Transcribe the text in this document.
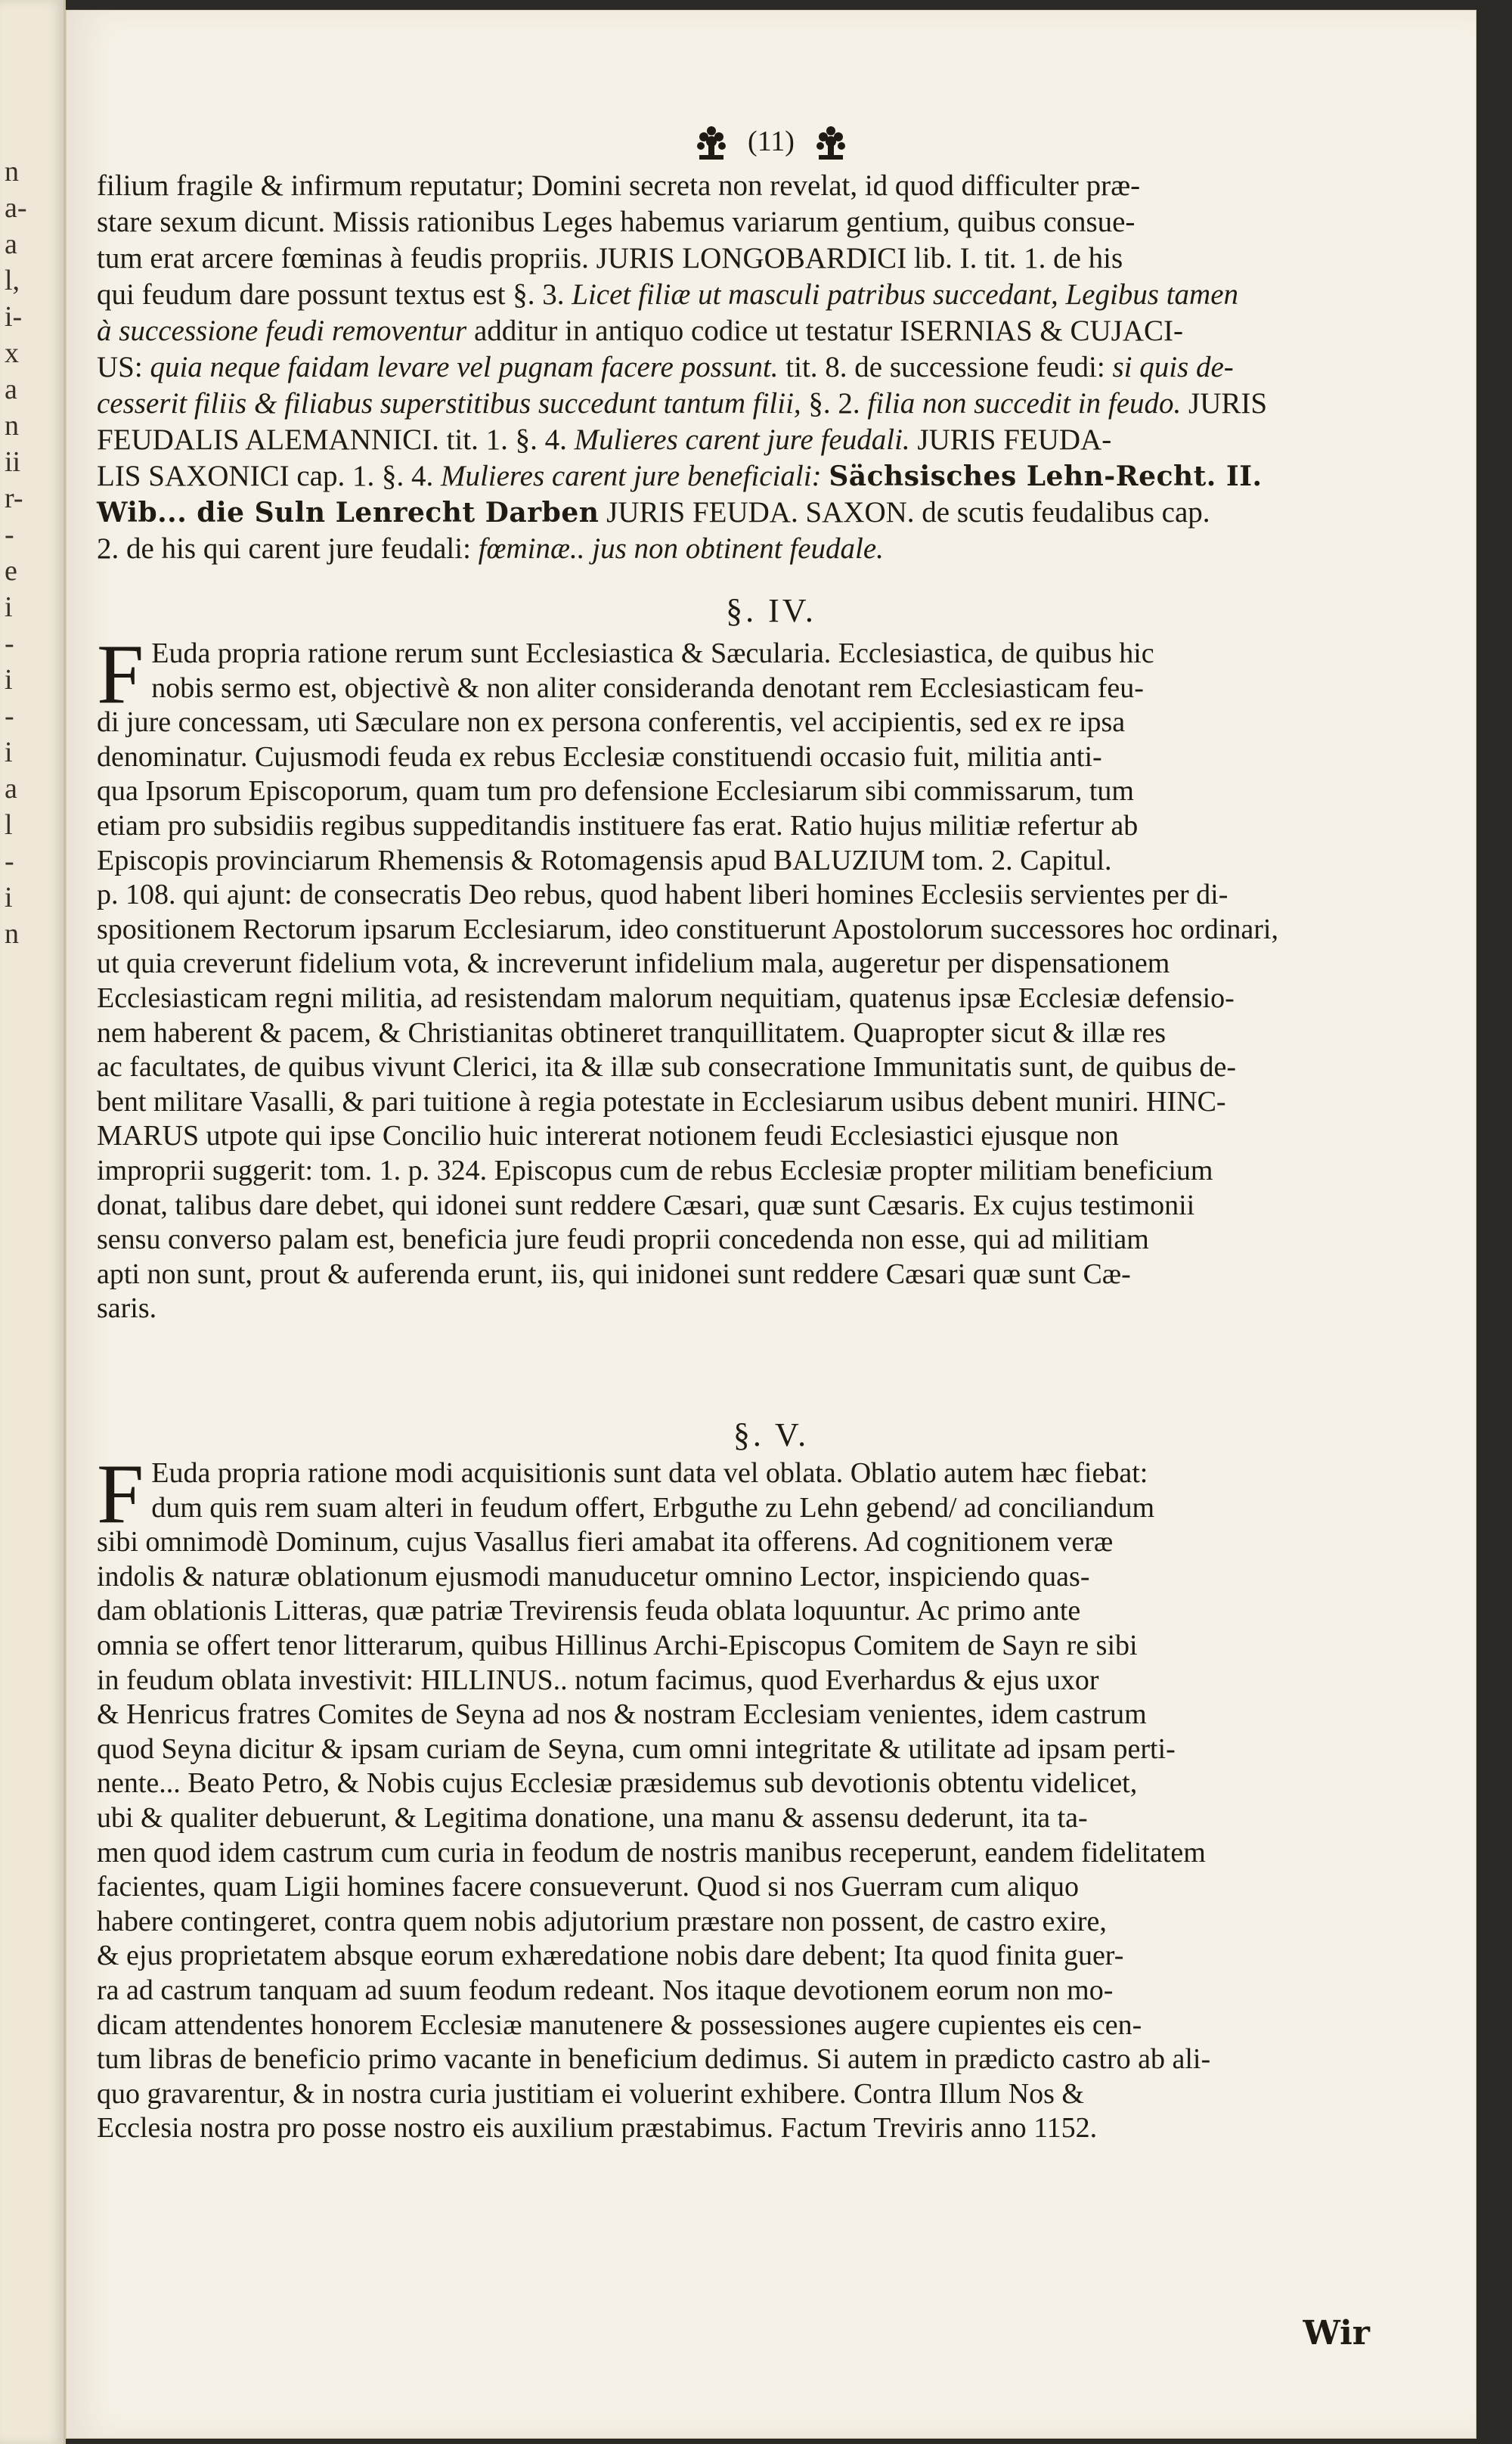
n
a-
a
l,
i-
x
a
n
ii
r-
-
e
i
-
i
-
i
a
l
-
i
n
(11)

filium fragile & infirmum reputatur; Domini secreta non revelat, id quod difficulter præ-

stare sexum dicunt. Missis rationibus Leges habemus variarum gentium, quibus consue-

tum erat arcere fœminas à feudis propriis. JURIS LONGOBARDICI lib. I. tit. 1. de his

qui feudum dare possunt textus est §. 3. Licet filiæ ut masculi patribus succedant, Legibus tamen

à successione feudi removentur additur in antiquo codice ut testatur ISERNIAS & CUJACI-

US: quia neque faidam levare vel pugnam facere possunt. tit. 8. de successione feudi: si quis de-

cesserit filiis & filiabus superstitibus succedunt tantum filii, §. 2. filia non succedit in feudo. JURIS

FEUDALIS ALEMANNICI. tit. 1. §. 4. Mulieres carent jure feudali. JURIS FEUDA-

LIS SAXONICI cap. 1. §. 4. Mulieres carent jure beneficiali: Sächsisches Lehn-Recht. II.

Wib... die Suln Lenrecht Darben JURIS FEUDA. SAXON. de scutis feudalibus cap.

2. de his qui carent jure feudali: fœminæ.. jus non obtinent feudale.

§. IV.
F Euda propria ratione rerum sunt Ecclesiastica & Sæcularia. Ecclesiastica, de quibus hic
nobis sermo est, objectivè & non aliter considerandа denotant rem Ecclesiasticam feu-
di jure concessam, uti Sæculare non ex persona conferentis, vel accipientis, sed ex re ipsa
denominatur. Cujusmodi feuda ex rebus Ecclesiæ constituendi occasio fuit, militia anti-
qua Ipsorum Episcoporum, quam tum pro defensione Ecclesiarum sibi commissarum, tum
etiam pro subsidiis regibus suppeditandis instituere fas erat. Ratio hujus militiæ refertur ab
Episcopis provinciarum Rhemensis & Rotomagensis apud BALUZIUM tom. 2. Capitul.
p. 108. qui ajunt: de consecratis Deo rebus, quod habent liberi homines Ecclesiis servientes per di-
spositionem Rectorum ipsarum Ecclesiarum, ideo constituerunt Apostolorum successores hoc ordinari,
ut quia creverunt fidelium vota, & increverunt infidelium mala, augeretur per dispensationem
Ecclesiasticam regni militia, ad resistendam malorum nequitiam, quatenus ipsæ Ecclesiæ defensio-
nem haberent & pacem, & Christianitas obtineret tranquillitatem. Quapropter sicut & illæ res
ac facultates, de quibus vivunt Clerici, ita & illæ sub consecratione Immunitatis sunt, de quibus de-
bent militare Vasalli, & pari tuitione à regia potestate in Ecclesiarum usibus debent muniri. HINC-
MARUS utpote qui ipse Concilio huic intererat notionem feudi Ecclesiastici ejusque non
improprii suggerit: tom. 1. p. 324. Episcopus cum de rebus Ecclesiæ propter militiam beneficium
donat, talibus dare debet, qui idonei sunt reddere Cæsari, quæ sunt Cæsaris. Ex cujus testimonii
sensu converso palam est, beneficia jure feudi proprii concedenda non esse, qui ad militiam
apti non sunt, prout & auferenda erunt, iis, qui inidonei sunt reddere Cæsari quæ sunt Cæ-
saris.
§. V.
F Euda propria ratione modi acquisitionis sunt data vel oblata. Oblatio autem hæc fiebat:
dum quis rem suam alteri in feudum offert, Erbguthe zu Lehn gebend/ ad conciliandum
sibi omnimodè Dominum, cujus Vasallus fieri amabat ita offerens. Ad cognitionem veræ
indolis & naturæ oblationum ejusmodi manuducetur omnino Lector, inspiciendo quas-
dam oblationis Litteras, quæ patriæ Trevirensis feuda oblata loquuntur. Ac primo ante
omnia se offert tenor litterarum, quibus Hillinus Archi-Episcopus Comitem de Sayn re sibi
in feudum oblata investivit: HILLINUS.. notum facimus, quod Everhardus & ejus uxor
& Henricus fratres Comites de Seyna ad nos & nostram Ecclesiam venientes, idem castrum
quod Seyna dicitur & ipsam curiam de Seyna, cum omni integritate & utilitate ad ipsam perti-
nente... Beato Petro, & Nobis cujus Ecclesiæ præsidemus sub devotionis obtentu videlicet,
ubi & qualiter debuerunt, & Legitima donatione, una manu & assensu dederunt, ita ta-
men quod idem castrum cum curia in feodum de nostris manibus receperunt, eandem fidelitatem
facientes, quam Ligii homines facere consueverunt. Quod si nos Guerram cum aliquo
habere contingeret, contra quem nobis adjutorium præstare non possent, de castro exire,
& ejus proprietatem absque eorum exhæredatione nobis dare debent; Ita quod finita guer-
ra ad castrum tanquam ad suum feodum redeant. Nos itaque devotionem eorum non mo-
dicam attendentes honorem Ecclesiæ manutenere & possessiones augere cupientes eis cen-
tum libras de beneficio primo vacante in beneficium dedimus. Si autem in prædicto castro ab ali-
quo gravarentur, & in nostra curia justitiam ei voluerint exhibere. Contra Illum Nos &
Ecclesia nostra pro posse nostro eis auxilium præstabimus. Factum Treviris anno 1152.
Wir
